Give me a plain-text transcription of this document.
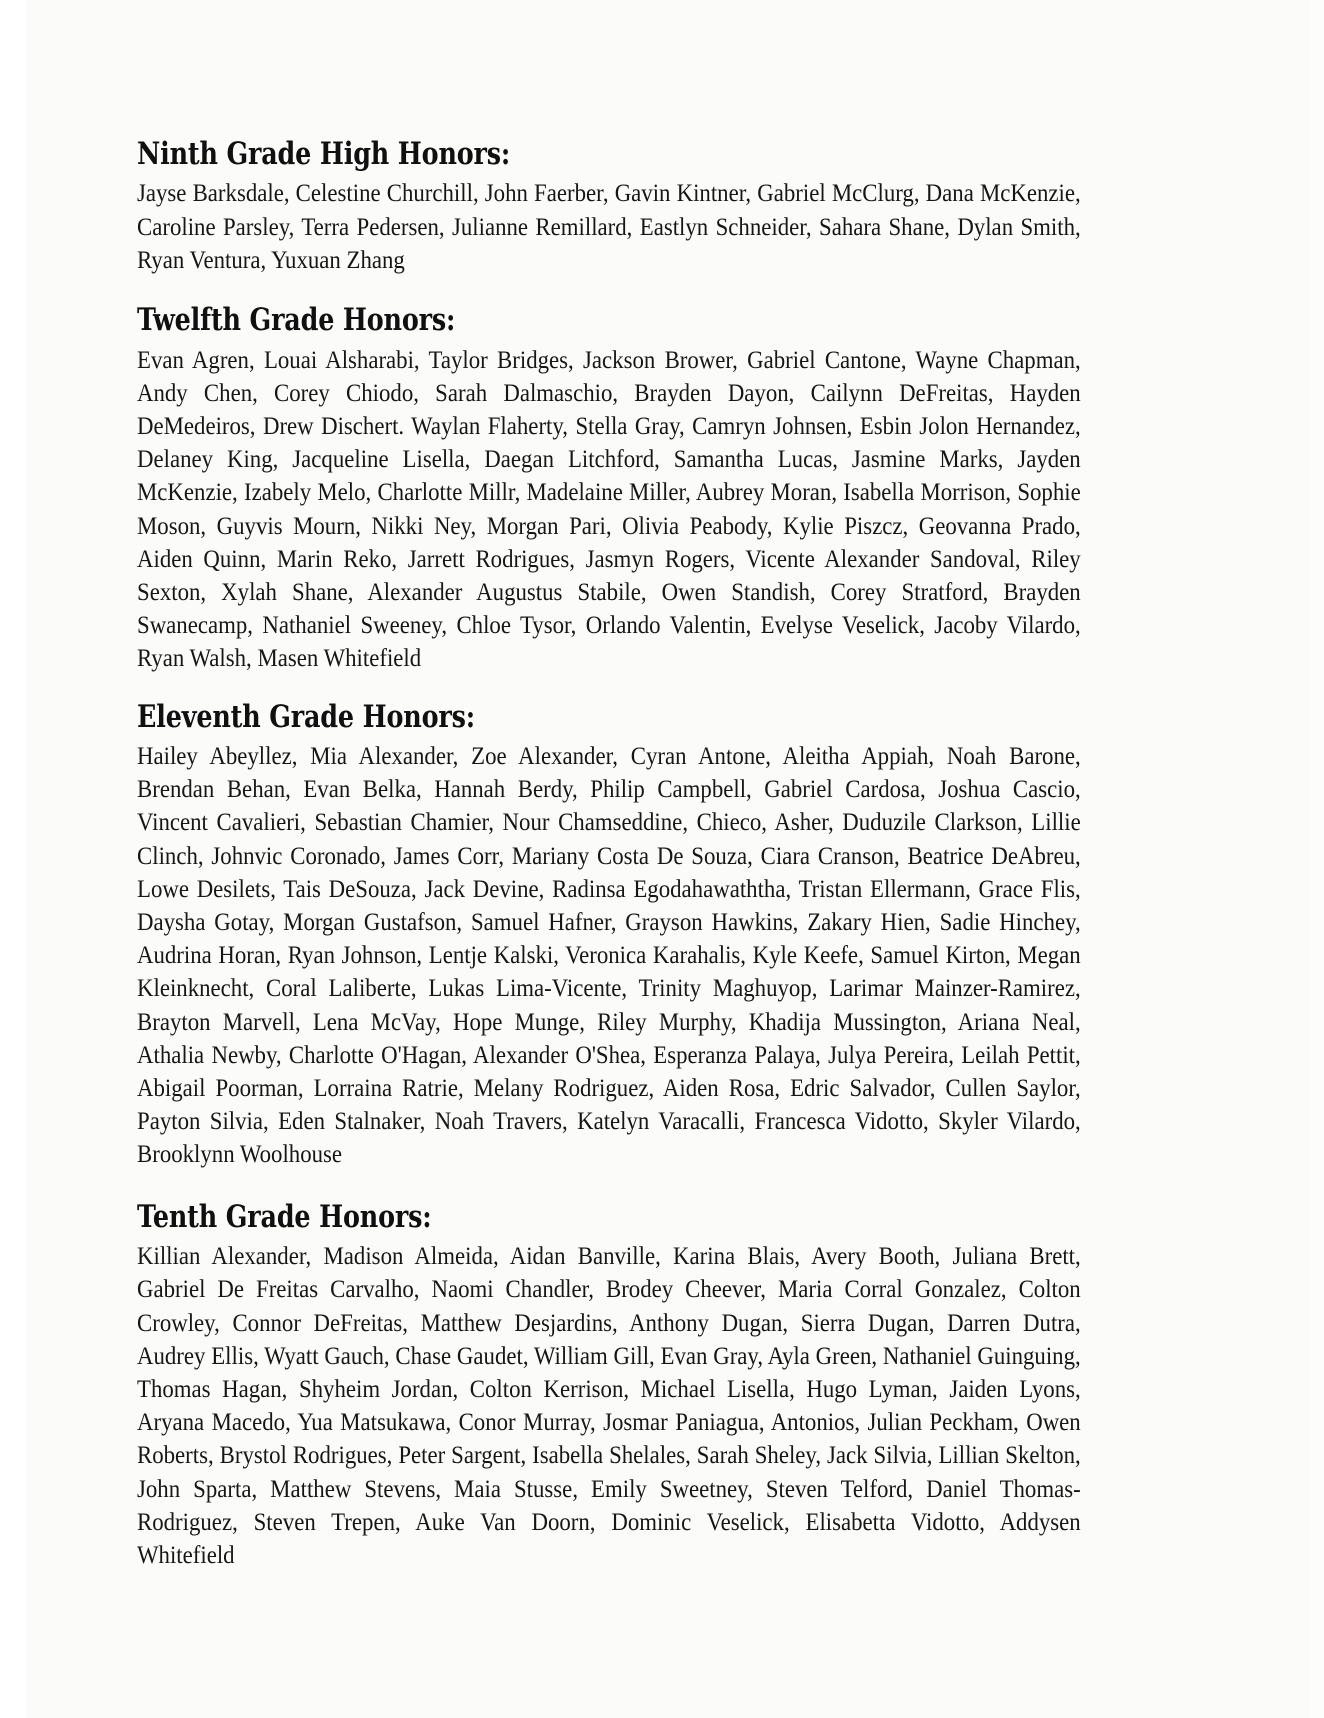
Ninth Grade High Honors:

Jayse Barksdale, Celestine Churchill, John Faerber, Gavin Kintner, Gabriel McClurg, Dana McKenzie, Caroline Parsley, Terra Pedersen, Julianne Remillard, Eastlyn Schneider, Sahara Shane, Dylan Smith, Ryan Ventura, Yuxuan Zhang

Twelfth Grade Honors:

Evan Agren, Louai Alsharabi, Taylor Bridges, Jackson Brower, Gabriel Cantone, Wayne Chapman, Andy Chen, Corey Chiodo, Sarah Dalmaschio, Brayden Dayon, Cailynn DeFreitas, Hayden DeMedeiros, Drew Dischert. Waylan Flaherty, Stella Gray, Camryn Johnsen, Esbin Jolon Hernandez, Delaney King, Jacqueline Lisella, Daegan Litchford, Samantha Lucas, Jasmine Marks, Jayden McKenzie, Izabely Melo, Charlotte Millr, Madelaine Miller, Aubrey Moran, Isabella Morrison, Sophie Moson, Guyvis Mourn, Nikki Ney, Morgan Pari, Olivia Peabody, Kylie Piszcz, Geovanna Prado, Aiden Quinn, Marin Reko, Jarrett Rodrigues, Jasmyn Rogers, Vicente Alexander Sandoval, Riley Sexton, Xylah Shane, Alexander Augustus Stabile, Owen Standish, Corey Stratford, Brayden Swanecamp, Nathaniel Sweeney, Chloe Tysor, Orlando Valentin, Evelyse Veselick, Jacoby Vilardo, Ryan Walsh, Masen Whitefield

Eleventh Grade Honors:

Hailey Abeyllez, Mia Alexander, Zoe Alexander, Cyran Antone, Aleitha Appiah, Noah Barone, Brendan Behan, Evan Belka, Hannah Berdy, Philip Campbell, Gabriel Cardosa, Joshua Cascio, Vincent Cavalieri, Sebastian Chamier, Nour Chamseddine, Chieco, Asher, Duduzile Clarkson, Lillie Clinch, Johnvic Coronado, James Corr, Mariany Costa De Souza, Ciara Cranson, Beatrice DeAbreu, Lowe Desilets, Tais DeSouza, Jack Devine, Radinsa Egodahawaththa, Tristan Ellermann, Grace Flis, Daysha Gotay, Morgan Gustafson, Samuel Hafner, Grayson Hawkins, Zakary Hien, Sadie Hinchey, Audrina Horan, Ryan Johnson, Lentje Kalski, Veronica Karahalis, Kyle Keefe, Samuel Kirton, Megan Kleinknecht, Coral Laliberte, Lukas Lima-Vicente, Trinity Maghuyop, Larimar Mainzer-Ramirez, Brayton Marvell, Lena McVay, Hope Munge, Riley Murphy, Khadija Mussington, Ariana Neal, Athalia Newby, Charlotte O'Hagan, Alexander O'Shea, Esperanza Palaya, Julya Pereira, Leilah Pettit, Abigail Poorman, Lorraina Ratrie, Melany Rodriguez, Aiden Rosa, Edric Salvador, Cullen Saylor, Payton Silvia, Eden Stalnaker, Noah Travers, Katelyn Varacalli, Francesca Vidotto, Skyler Vilardo, Brooklynn Woolhouse

Tenth Grade Honors:

Killian Alexander, Madison Almeida, Aidan Banville, Karina Blais, Avery Booth, Juliana Brett, Gabriel De Freitas Carvalho, Naomi Chandler, Brodey Cheever, Maria Corral Gonzalez, Colton Crowley, Connor DeFreitas, Matthew Desjardins, Anthony Dugan, Sierra Dugan, Darren Dutra, Audrey Ellis, Wyatt Gauch, Chase Gaudet, William Gill, Evan Gray, Ayla Green, Nathaniel Guinguing, Thomas Hagan, Shyheim Jordan, Colton Kerrison, Michael Lisella, Hugo Lyman, Jaiden Lyons, Aryana Macedo, Yua Matsukawa, Conor Murray, Josmar Paniagua, Antonios, Julian Peckham, Owen Roberts, Brystol Rodrigues, Peter Sargent, Isabella Shelales, Sarah Sheley, Jack Silvia, Lillian Skelton, John Sparta, Matthew Stevens, Maia Stusse, Emily Sweetney, Steven Telford, Daniel Thomas-Rodriguez, Steven Trepen, Auke Van Doorn, Dominic Veselick, Elisabetta Vidotto, Addysen Whitefield
